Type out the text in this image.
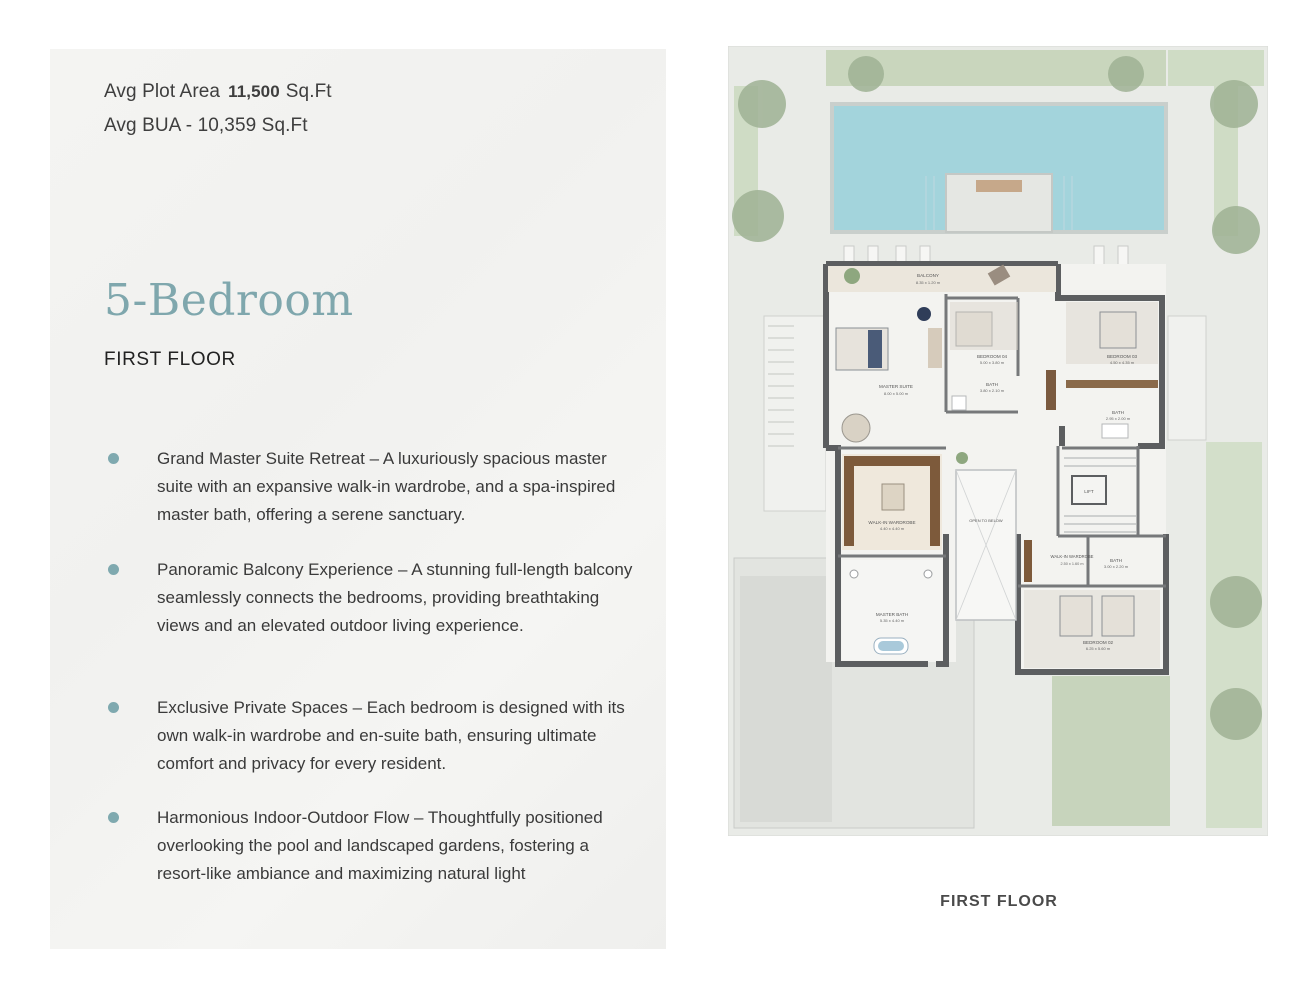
Avg Plot Area 11,500 Sq.Ft
Avg BUA - 10,359 Sq.Ft
5-Bedroom
FIRST FLOOR
Grand Master Suite Retreat – A luxuriously spacious master suite with an expansive walk-in wardrobe, and a spa-inspired master bath, offering a serene sanctuary.
Panoramic Balcony Experience – A stunning full-length balcony seamlessly connects the bedrooms, providing breathtaking views and an elevated outdoor living experience.
Exclusive Private Spaces – Each bedroom is designed with its own walk-in wardrobe and en-suite bath, ensuring ultimate comfort and privacy for every resident.
Harmonious Indoor-Outdoor Flow – Thoughtfully positioned overlooking the pool and landscaped gardens, fostering a resort-like ambiance and maximizing natural light
BALCONY
8.35 x 1.20 m
MASTER SUITE
8.00 x 5.00 m
BEDROOM 04
5.00 x 3.80 m
BATH
3.80 x 2.10 m
BEDROOM 03
4.50 x 4.35 m
BATH
2.95 x 2.00 m
WALK-IN WARDROBE
4.40 x 4.40 m
OPEN TO BELOW
LIFT
WALK-IN WARDROBE
2.50 x 1.60 m
BATH
3.00 x 2.20 m
BEDROOM 02
6.25 x 5.60 m
MASTER BATH
5.35 x 4.40 m
FIRST FLOOR
